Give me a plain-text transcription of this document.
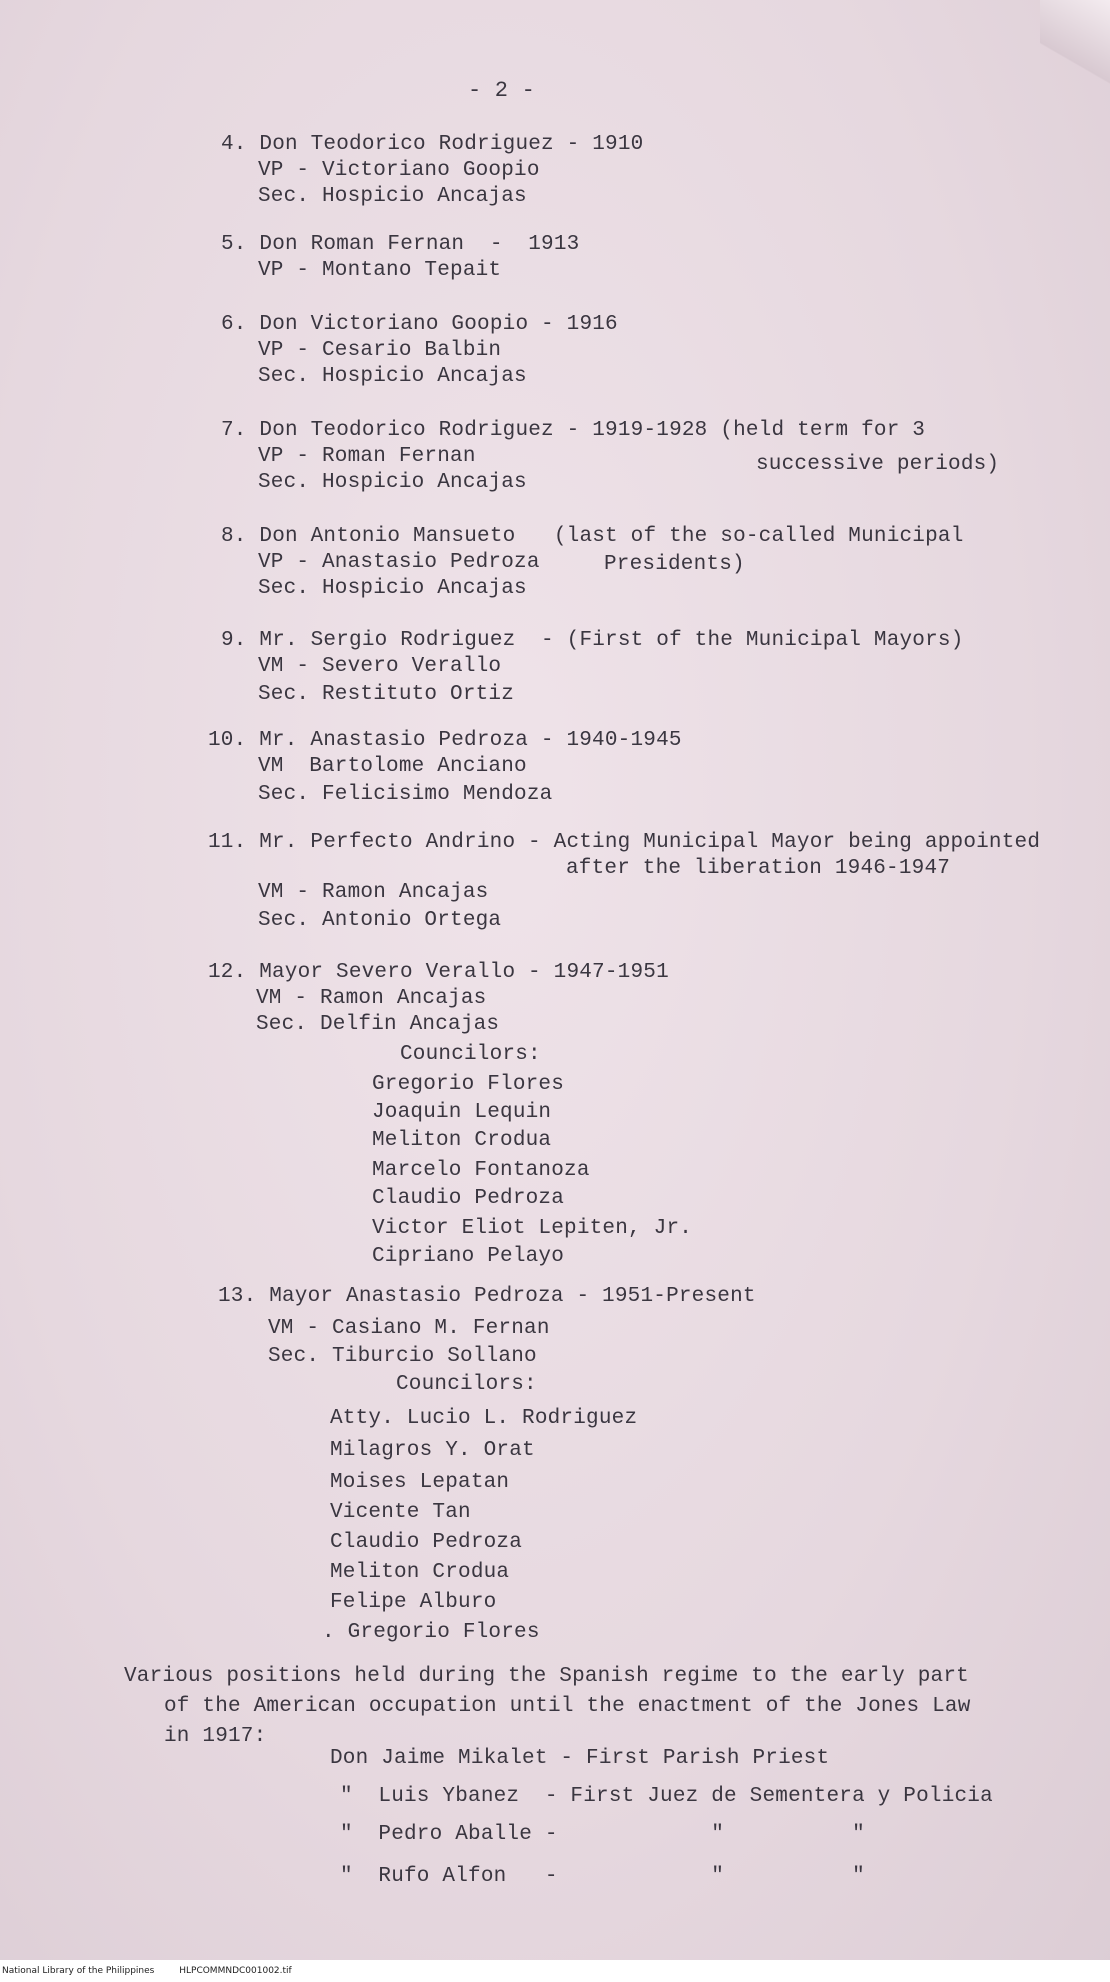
- 2 -
4. Don Teodorico Rodriguez - 1910
VP - Victoriano Goopio
Sec. Hospicio Ancajas
5. Don Roman Fernan  -  1913
VP - Montano Tepait
6. Don Victoriano Goopio - 1916
VP - Cesario Balbin
Sec. Hospicio Ancajas
7. Don Teodorico Rodriguez - 1919-1928 (held term for 3
successive periods)
VP - Roman Fernan
Sec. Hospicio Ancajas
8. Don Antonio Mansueto   (last of the so-called Municipal
Presidents)
VP - Anastasio Pedroza
Sec. Hospicio Ancajas
9. Mr. Sergio Rodriguez  - (First of the Municipal Mayors)
VM - Severo Verallo
Sec. Restituto Ortiz
10. Mr. Anastasio Pedroza - 1940-1945
VM  Bartolome Anciano
Sec. Felicisimo Mendoza
11. Mr. Perfecto Andrino - Acting Municipal Mayor being appointed
after the liberation 1946-1947
VM - Ramon Ancajas
Sec. Antonio Ortega
12. Mayor Severo Verallo - 1947-1951
VM - Ramon Ancajas
Sec. Delfin Ancajas
Councilors:
Gregorio Flores
Joaquin Lequin
Meliton Crodua
Marcelo Fontanoza
Claudio Pedroza
Victor Eliot Lepiten, Jr.
Cipriano Pelayo
13. Mayor Anastasio Pedroza - 1951-Present
VM - Casiano M. Fernan
Sec. Tiburcio Sollano
Councilors:
Atty. Lucio L. Rodriguez
Milagros Y. Orat
Moises Lepatan
Vicente Tan
Claudio Pedroza
Meliton Crodua
Felipe Alburo
. Gregorio Flores
Various positions held during the Spanish regime to the early part
of the American occupation until the enactment of the Jones Law
in 1917:
Don Jaime Mikalet - First Parish Priest
"  Luis Ybanez  - First Juez de Sementera y Policia
"  Pedro Aballe -            "          "
"  Rufo Alfon   -            "          "
National Library of the Philippines	HLPCOMMNDC001002.tif
